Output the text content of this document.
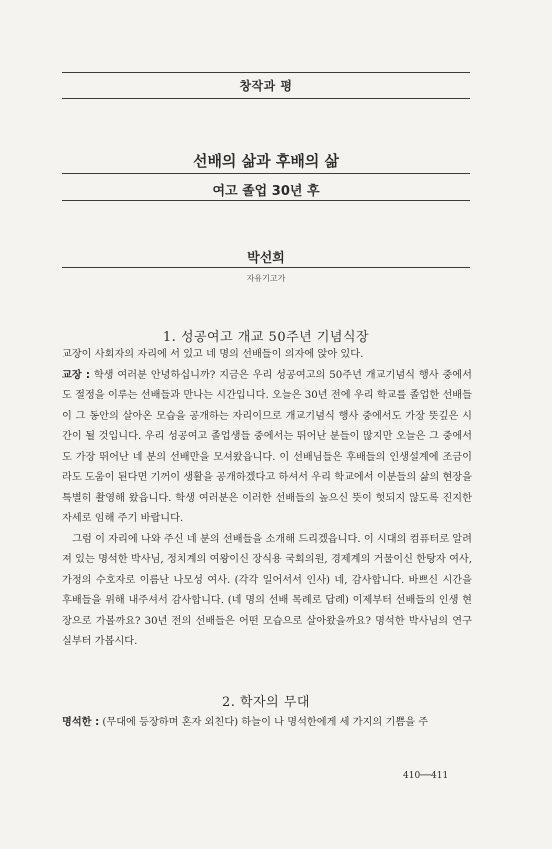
창작과 평
선배의 삶과 후배의 삶
여고 졸업 30년 후
박선희
자유기고가
1. 성공여고 개교 50주년 기념식장

교장이 사회자의 자리에 서 있고 네 명의 선배들이 의자에 앉아 있다.

교장 : 학생 여러분 안녕하십니까? 지금은 우리 성공여고의 50주년 개교기념식 행사 중에서도 절정을 이루는 선배들과 만나는 시간입니다. 오늘은 30년 전에 우리 학교를 졸업한 선배들이 그 동안의 살아온 모습을 공개하는 자리이므로 개교기념식 행사 중에서도 가장 뜻깊은 시간이 될 것입니다. 우리 성공여고 졸업생들 중에서는 뛰어난 분들이 많지만 오늘은 그 중에서도 가장 뛰어난 네 분의 선배만을 모셔왔읍니다. 이 선배님들은 후배들의 인생설계에 조금이라도 도움이 된다면 기꺼이 생활을 공개하겠다고 하셔서 우리 학교에서 이분들의 삶의 현장을 특별히 촬영해 왔읍니다. 학생 여러분은 이러한 선배들의 높으신 뜻이 헛되지 않도록 진지한 자세로 임해 주기 바랍니다.

그럼 이 자리에 나와 주신 네 분의 선배들을 소개해 드리겠읍니다. 이 시대의 컴퓨터로 알려져 있는 명석한 박사님, 정치계의 여왕이신 장식용 국회의원, 경제계의 거물이신 한탕자 여사, 가정의 수호자로 이름난 나모성 여사. (각각 일어서서 인사) 네, 감사합니다. 바쁘신 시간을 후배들을 위해 내주셔서 감사합니다. (네 명의 선배 목례로 답례) 이제부터 선배들의 인생 현장으로 가볼까요? 30년 전의 선배들은 어떤 모습으로 살아왔을까요? 명석한 박사님의 연구실부터 가봅시다.

2. 학자의 무대

명석한 : (무대에 등장하며 혼자 외친다) 하늘이 나 명석한에게 세 가지의 기쁨을 주

410──411
